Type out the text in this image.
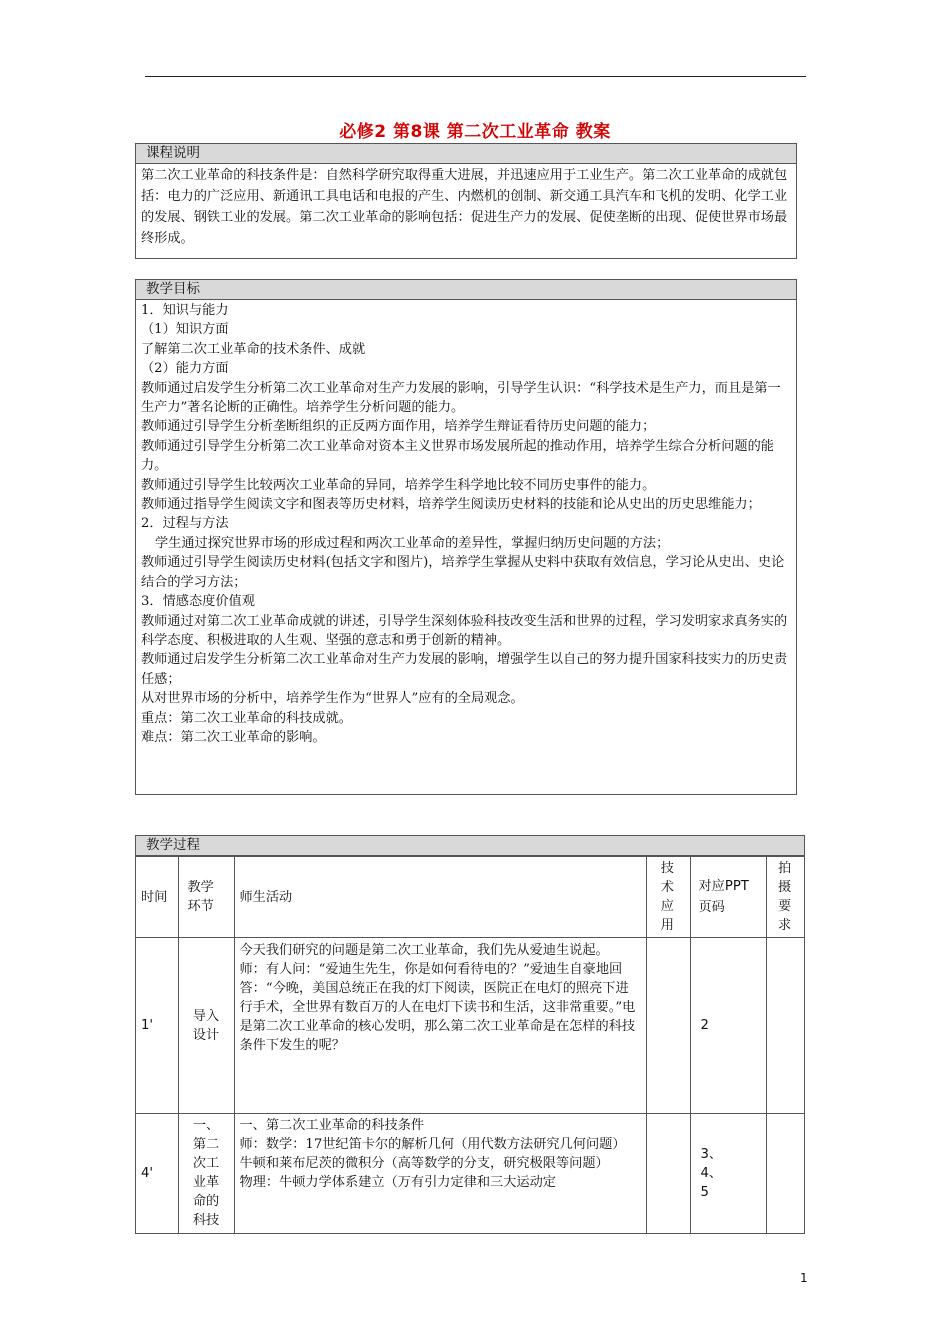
必修2 第8课 第二次工业革命 教案
课程说明
第二次工业革命的科技条件是：自然科学研究取得重大进展，并迅速应用于工业生产。第二次工业革命的成就包括：电力的广泛应用、新通讯工具电话和电报的产生、内燃机的创制、新交通工具汽车和飞机的发明、化学工业的发展、钢铁工业的发展。第二次工业革命的影响包括：促进生产力的发展、促使垄断的出现、促使世界市场最终形成。
教学目标
1．知识与能力
（1）知识方面
了解第二次工业革命的技术条件、成就
（2）能力方面
教师通过启发学生分析第二次工业革命对生产力发展的影响，引导学生认识：“科学技术是生产力，而且是第一生产力”著名论断的正确性。培养学生分析问题的能力。
教师通过引导学生分析垄断组织的正反两方面作用，培养学生辩证看待历史问题的能力；
教师通过引导学生分析第二次工业革命对资本主义世界市场发展所起的推动作用，培养学生综合分析问题的能力。
教师通过引导学生比较两次工业革命的异同，培养学生科学地比较不同历史事件的能力。
教师通过指导学生阅读文字和图表等历史材料，培养学生阅读历史材料的技能和论从史出的历史思维能力；
2．过程与方法
学生通过探究世界市场的形成过程和两次工业革命的差异性，掌握归纳历史问题的方法；
教师通过引导学生阅读历史材料(包括文字和图片)，培养学生掌握从史料中获取有效信息，学习论从史出、史论结合的学习方法；
3．情感态度价值观
教师通过对第二次工业革命成就的讲述，引导学生深刻体验科技改变生活和世界的过程，学习发明家求真务实的科学态度、积极进取的人生观、坚强的意志和勇于创新的精神。
教师通过启发学生分析第二次工业革命对生产力发展的影响，增强学生以自己的努力提升国家科技实力的历史责任感；
从对世界市场的分析中，培养学生作为“世界人”应有的全局观念。
重点：第二次工业革命的科技成就。
难点：第二次工业革命的影响。
教学过程
时间	教学环节	师生活动	技术应用	对应PPT页码	拍摄要求

1'	导入设计	今天我们研究的问题是第二次工业革命，我们先从爱迪生说起。
师：有人问：“爱迪生先生，你是如何看待电的？”爱迪生自豪地回答：“今晚，美国总统正在我的灯下阅读，医院正在电灯的照亮下进行手术，全世界有数百万的人在电灯下读书和生活，这非常重要。”电是第二次工业革命的核心发明，那么第二次工业革命是在怎样的科技条件下发生的呢？		2	
4'	一、第二次工业革命的科技	一、第二次工业革命的科技条件
师：数学：17世纪笛卡尔的解析几何（用代数方法研究几何问题）
牛顿和莱布尼茨的微积分（高等数学的分支，研究极限等问题）
物理：牛顿力学体系建立（万有引力定律和三大运动定		3、
4、
5	

1
